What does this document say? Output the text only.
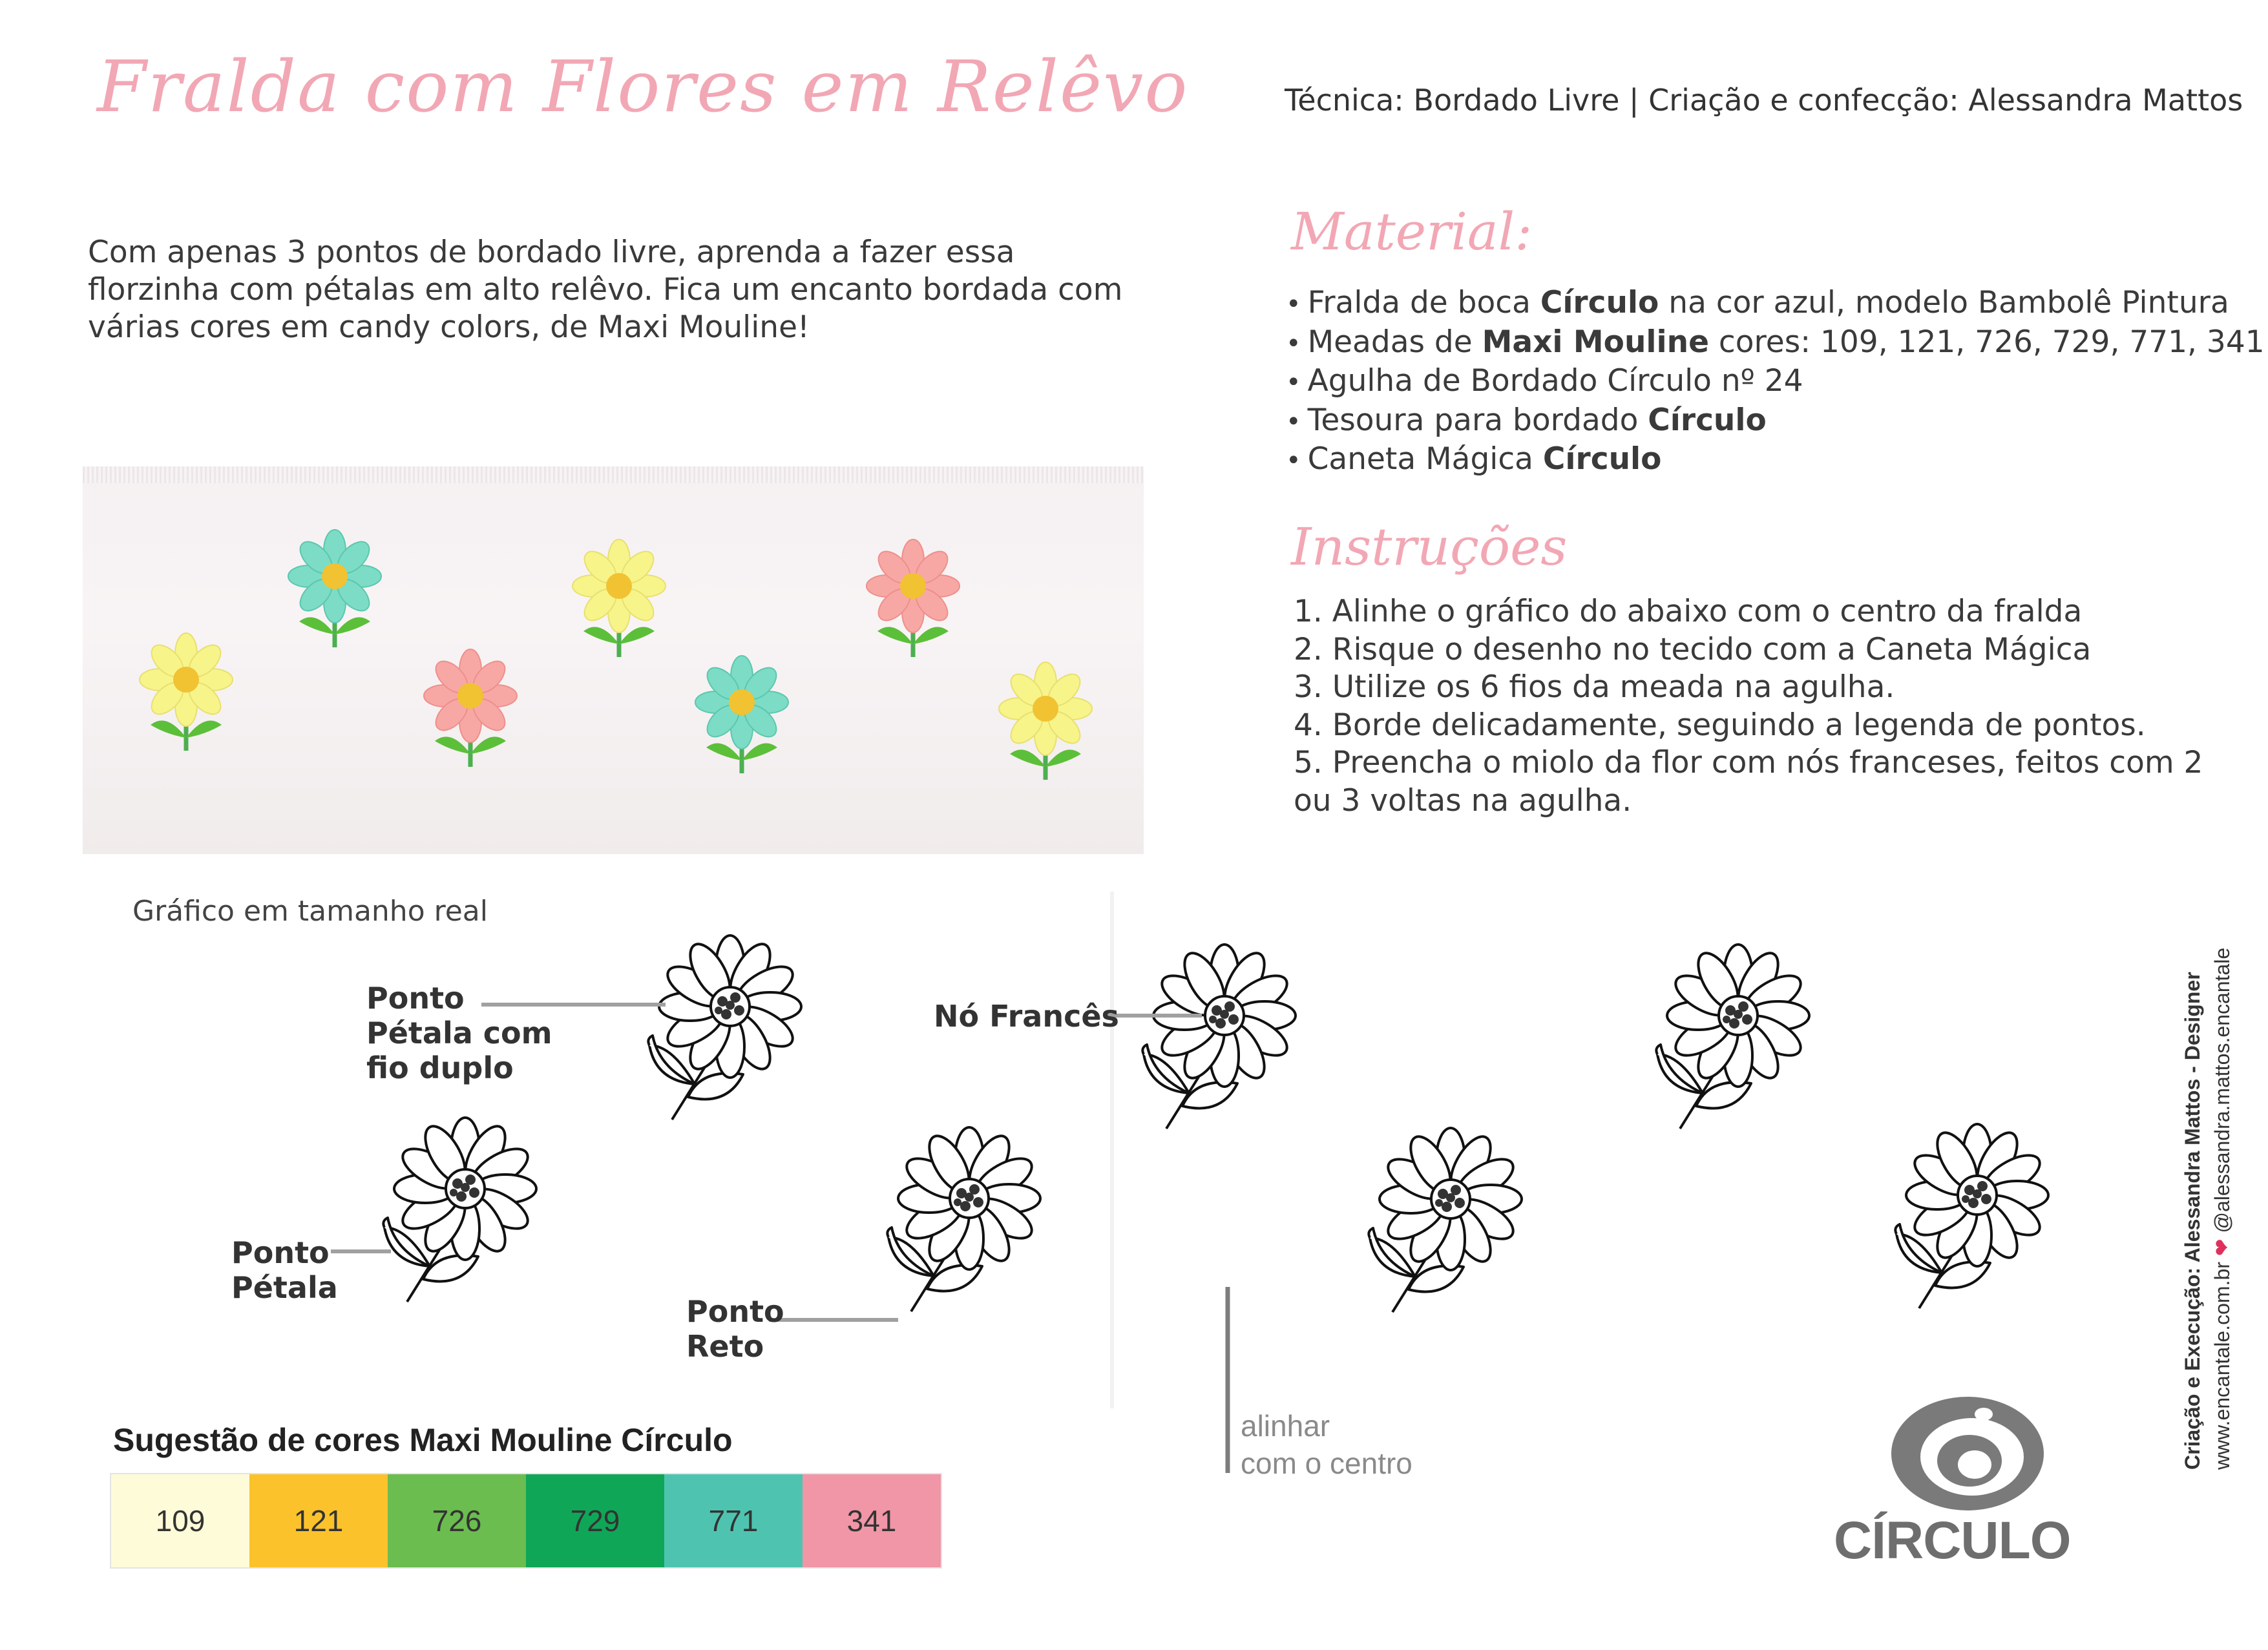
Fralda com Flores em Relêvo	Técnica: Bordado Livre | Criação e confecção: Alessandra Mattos
Com apenas 3 pontos de bordado livre, aprenda a fazer essa florzinha com pétalas em alto relêvo. Fica um encanto bordada com várias cores em candy colors, de Maxi Mouline!
Material:
• Fralda de boca Círculo na cor azul, modelo Bambolê Pintura
• Meadas de Maxi Mouline cores: 109, 121, 726, 729, 771, 341
• Agulha de Bordado Círculo nº 24
• Tesoura para bordado Círculo
• Caneta Mágica Círculo
Instruções
1. Alinhe o gráfico do abaixo com o centro da fralda
2. Risque o desenho no tecido com a Caneta Mágica
3. Utilize os 6 fios da meada na agulha.
4. Borde delicadamente, seguindo a legenda de pontos.
5. Preencha o miolo da flor com nós franceses, feitos com 2 ou 3 voltas na agulha.
Gráfico em tamanho real
Ponto
Pétala com
fio duplo
Nó Francês
Ponto
Pétala
Ponto
Reto
alinhar
com o centro
Sugestão de cores Maxi Mouline Círculo
109	121	726	729	771	341	CÍRCULO
Criação e Execução: Alessandra Mattos - Designer www.encantale.com.br ❤ @alessandra.mattos.encantale
